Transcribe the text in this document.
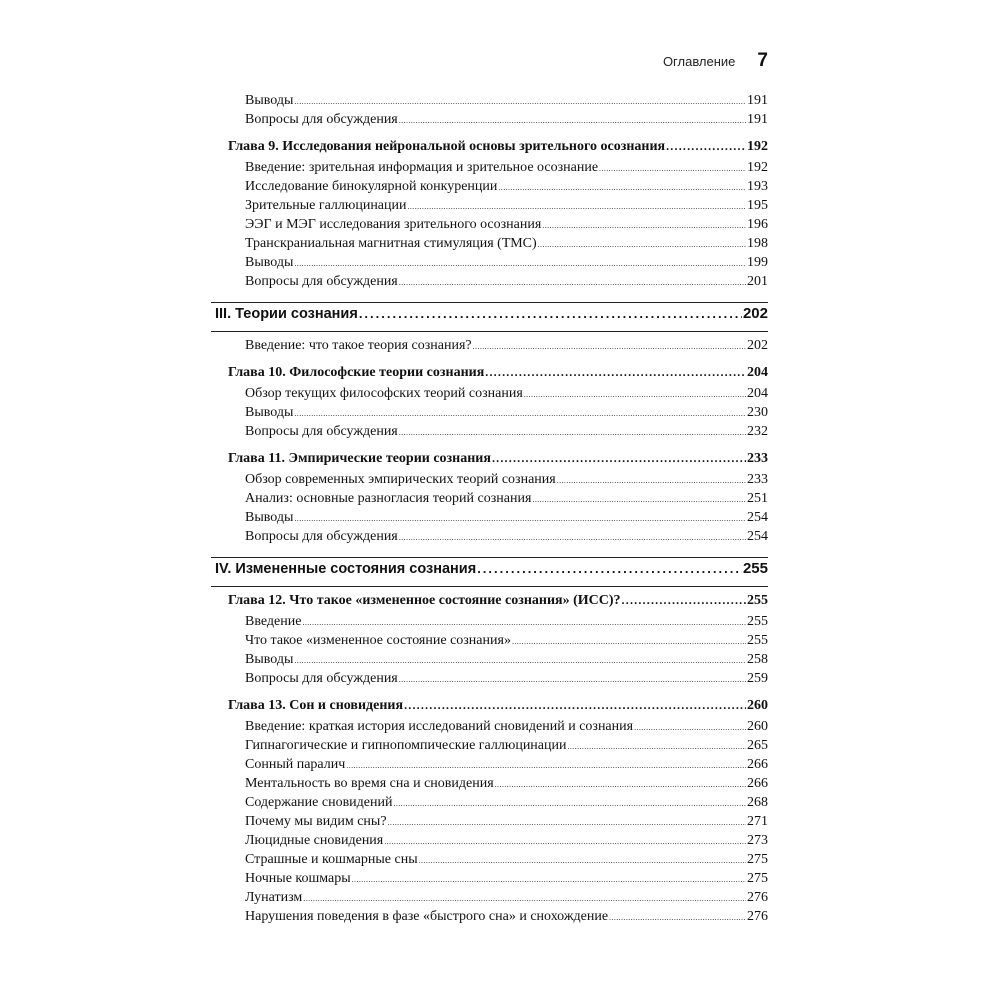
Оглавление 7
Выводы .....	191
Вопросы для обсуждения .....	191
Глава 9. Исследования нейрональной основы зрительного осознания .....	192
Введение: зрительная информация и зрительное осознание .....	192
Исследование бинокулярной конкуренции .....	193
Зрительные галлюцинации .....	195
ЭЭГ и МЭГ исследования зрительного осознания .....	196
Транскраниальная магнитная стимуляция (ТМС) .....	198
Выводы .....	199
Вопросы для обсуждения .....	201
III. Теории сознания .....	202
Введение: что такое теория сознания? .....	202
Глава 10. Философские теории сознания .....	204
Обзор текущих философских теорий сознания .....	204
Выводы .....	230
Вопросы для обсуждения .....	232
Глава 11. Эмпирические теории сознания .....	233
Обзор современных эмпирических теорий сознания .....	233
Анализ: основные разногласия теорий сознания .....	251
Выводы .....	254
Вопросы для обсуждения .....	254
IV. Измененные состояния сознания .....	255
Глава 12. Что такое «измененное состояние сознания» (ИСС)? .....	255
Введение .....	255
Что такое «измененное состояние сознания» .....	255
Выводы .....	258
Вопросы для обсуждения .....	259
Глава 13. Сон и сновидения .....	260
Введение: краткая история исследований сновидений и сознания .....	260
Гипнагогические и гипнопомпические галлюцинации .....	265
Сонный паралич .....	266
Ментальность во время сна и сновидения .....	266
Содержание сновидений .....	268
Почему мы видим сны? .....	271
Люцидные сновидения .....	273
Страшные и кошмарные сны .....	275
Ночные кошмары .....	275
Лунатизм .....	276
Нарушения поведения в фазе «быстрого сна» и снохождение .....	276
